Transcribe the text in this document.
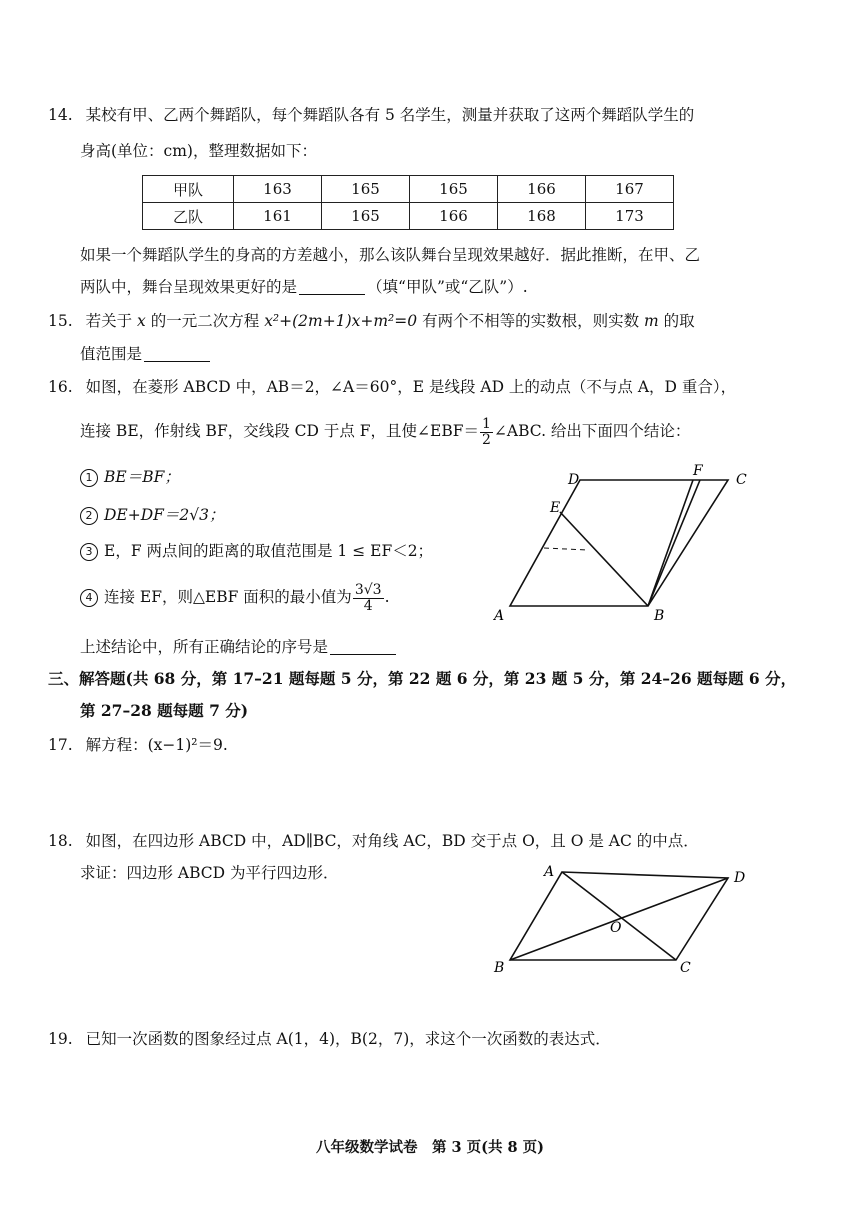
14. 某校有甲、乙两个舞蹈队，每个舞蹈队各有 5 名学生，测量并获取了这两个舞蹈队学生的
身高(单位：cm)，整理数据如下：
甲队	163	165	165	166	167
乙队	161	165	166	168	173
如果一个舞蹈队学生的身高的方差越小，那么该队舞台呈现效果越好．据此推断，在甲、乙
两队中，舞台呈现效果更好的是	（填“甲队”或“乙队”）.
15. 若关于 x 的一元二次方程 x²+(2m+1)x+m²=0 有两个不相等的实数根，则实数 m 的取
值范围是
16. 如图，在菱形 ABCD 中，AB＝2，∠A＝60°，E 是线段 AD 上的动点（不与点 A，D 重合），
连接 BE，作射线 BF，交线段 CD 于点 F，且使∠EBF＝ $\frac{1}{2}$ ∠ABC. 给出下面四个结论：
1 BE＝BF；
2 DE+DF＝2√3；
3 E，F 两点间的距离的取值范围是 1 ≤ EF＜2；
4 连接 EF，则△EBF 面积的最小值为 $\frac{3√3}{4}$ .
上述结论中，所有正确结论的序号是
D
F
C
E
A	B
三、解答题(共 68 分，第 17–21 题每题 5 分，第 22 题 6 分，第 23 题 5 分，第 24–26 题每题 6 分，
第 27–28 题每题 7 分)
17. 解方程：(x−1)²＝9.
18. 如图，在四边形 ABCD 中，AD∥BC，对角线 AC，BD 交于点 O，且 O 是 AC 的中点．
求证：四边形 ABCD 为平行四边形．	A	D
O
B	C
19. 已知一次函数的图象经过点 A(1，4)，B(2，7)，求这个一次函数的表达式．
八年级数学试卷　第 3 页(共 8 页)
